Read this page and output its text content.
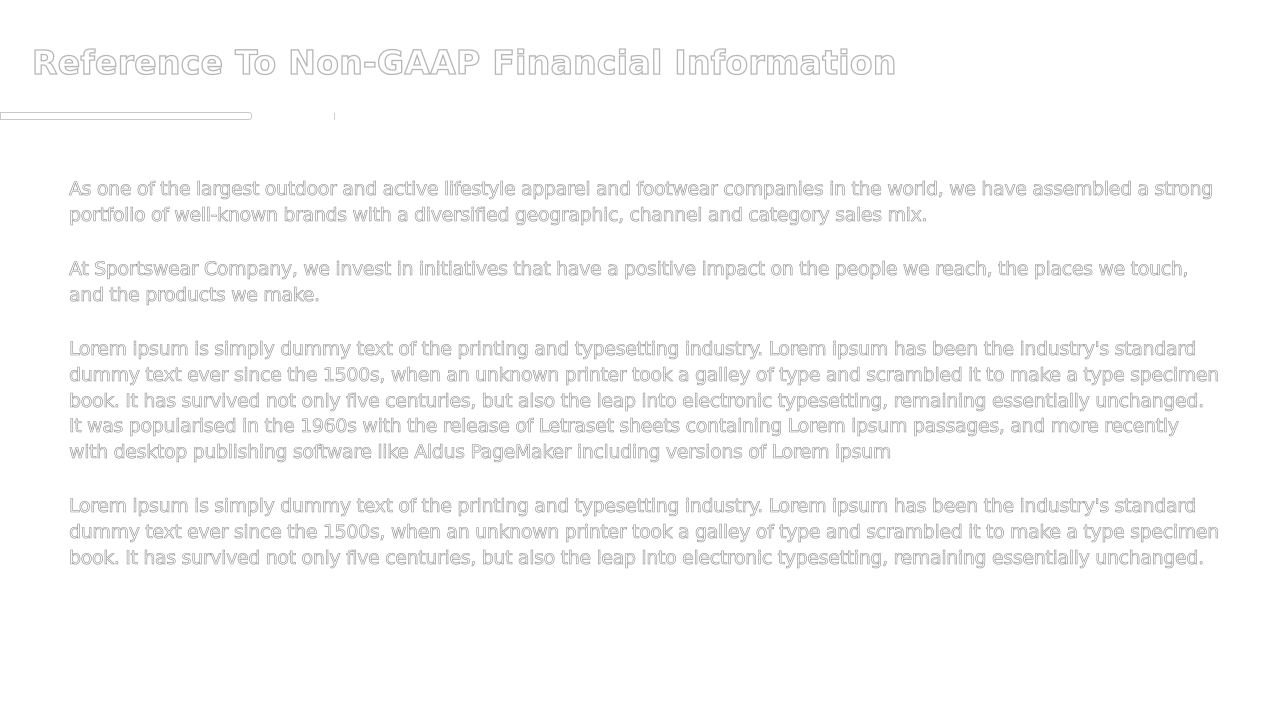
Reference To Non-GAAP Financial Information

As one of the largest outdoor and active lifestyle apparel and footwear companies in the world, we have assembled a strong portfolio of well-known brands with a diversified geographic, channel and category sales mix.

At Sportswear Company, we invest in initiatives that have a positive impact on the people we reach, the places we touch, and the products we make.

Lorem ipsum is simply dummy text of the printing and typesetting industry. Lorem ipsum has been the industry's standard dummy text ever since the 1500s, when an unknown printer took a galley of type and scrambled it to make a type specimen book. It has survived not only five centuries, but also the leap into electronic typesetting, remaining essentially unchanged. It was popularised in the 1960s with the release of Letraset sheets containing Lorem ipsum passages, and more recently with desktop publishing software like Aldus PageMaker including versions of Lorem ipsum

Lorem ipsum is simply dummy text of the printing and typesetting industry. Lorem ipsum has been the industry's standard dummy text ever since the 1500s, when an unknown printer took a galley of type and scrambled it to make a type specimen book. It has survived not only five centuries, but also the leap into electronic typesetting, remaining essentially unchanged.
